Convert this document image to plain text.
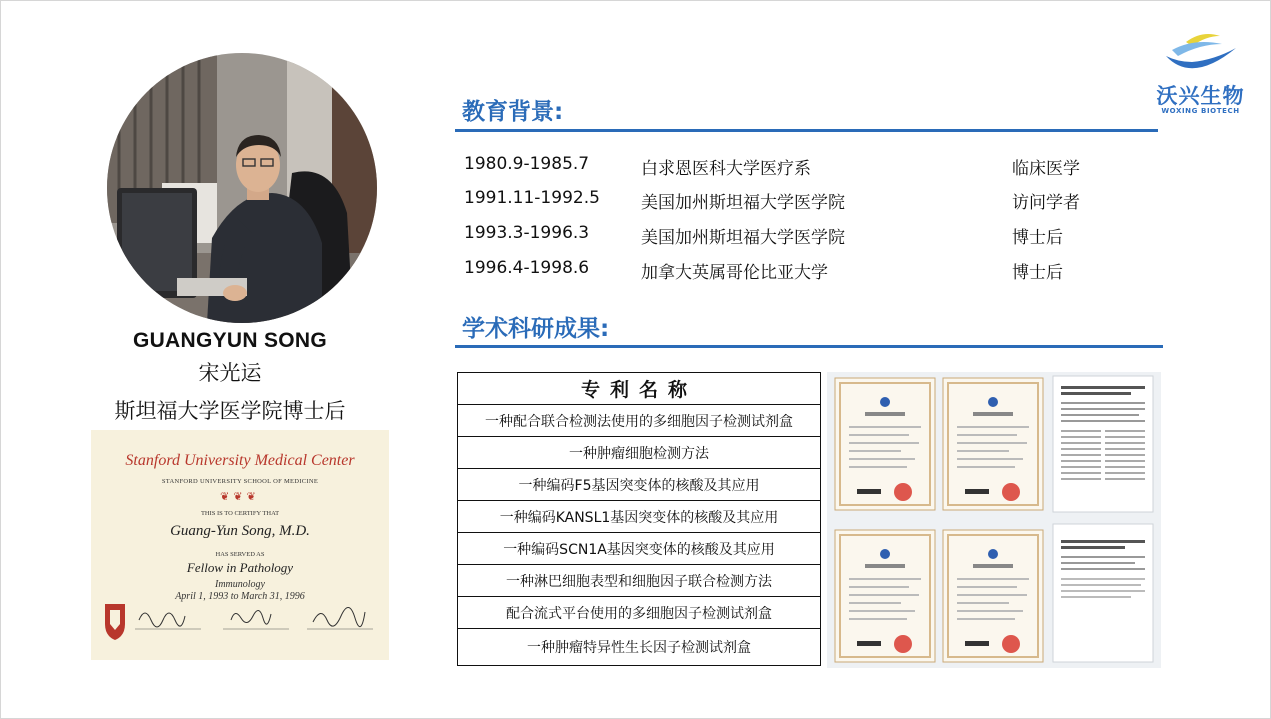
GUANGYUN SONG
宋光运
斯坦福大学医学院博士后
Stanford University Medical Center
STANFORD UNIVERSITY SCHOOL OF MEDICINE
❦❦❦
THIS IS TO CERTIFY THAT
Guang-Yun Song, M.D.
HAS SERVED AS
Fellow in Pathology
Immunology
April 1, 1993 to March 31, 1996
沃兴生物
WOXING BIOTECH
教育背景:
1980.9-1985.7	白求恩医科大学医疗系	临床医学
1991.11-1992.5 美国加州斯坦福大学医学院	访问学者
1993.3-1996.3	美国加州斯坦福大学医学院	博士后
1996.4-1998.6	加拿大英属哥伦比亚大学	博士后
学术科研成果:
专利名称
一种配合联合检测法使用的多细胞因子检测试剂盒
一种肿瘤细胞检测方法
一种编码F5基因突变体的核酸及其应用
一种编码KANSL1基因突变体的核酸及其应用
一种编码SCN1A基因突变体的核酸及其应用
一种淋巴细胞表型和细胞因子联合检测方法
配合流式平台使用的多细胞因子检测试剂盒
一种肿瘤特异性生长因子检测试剂盒
